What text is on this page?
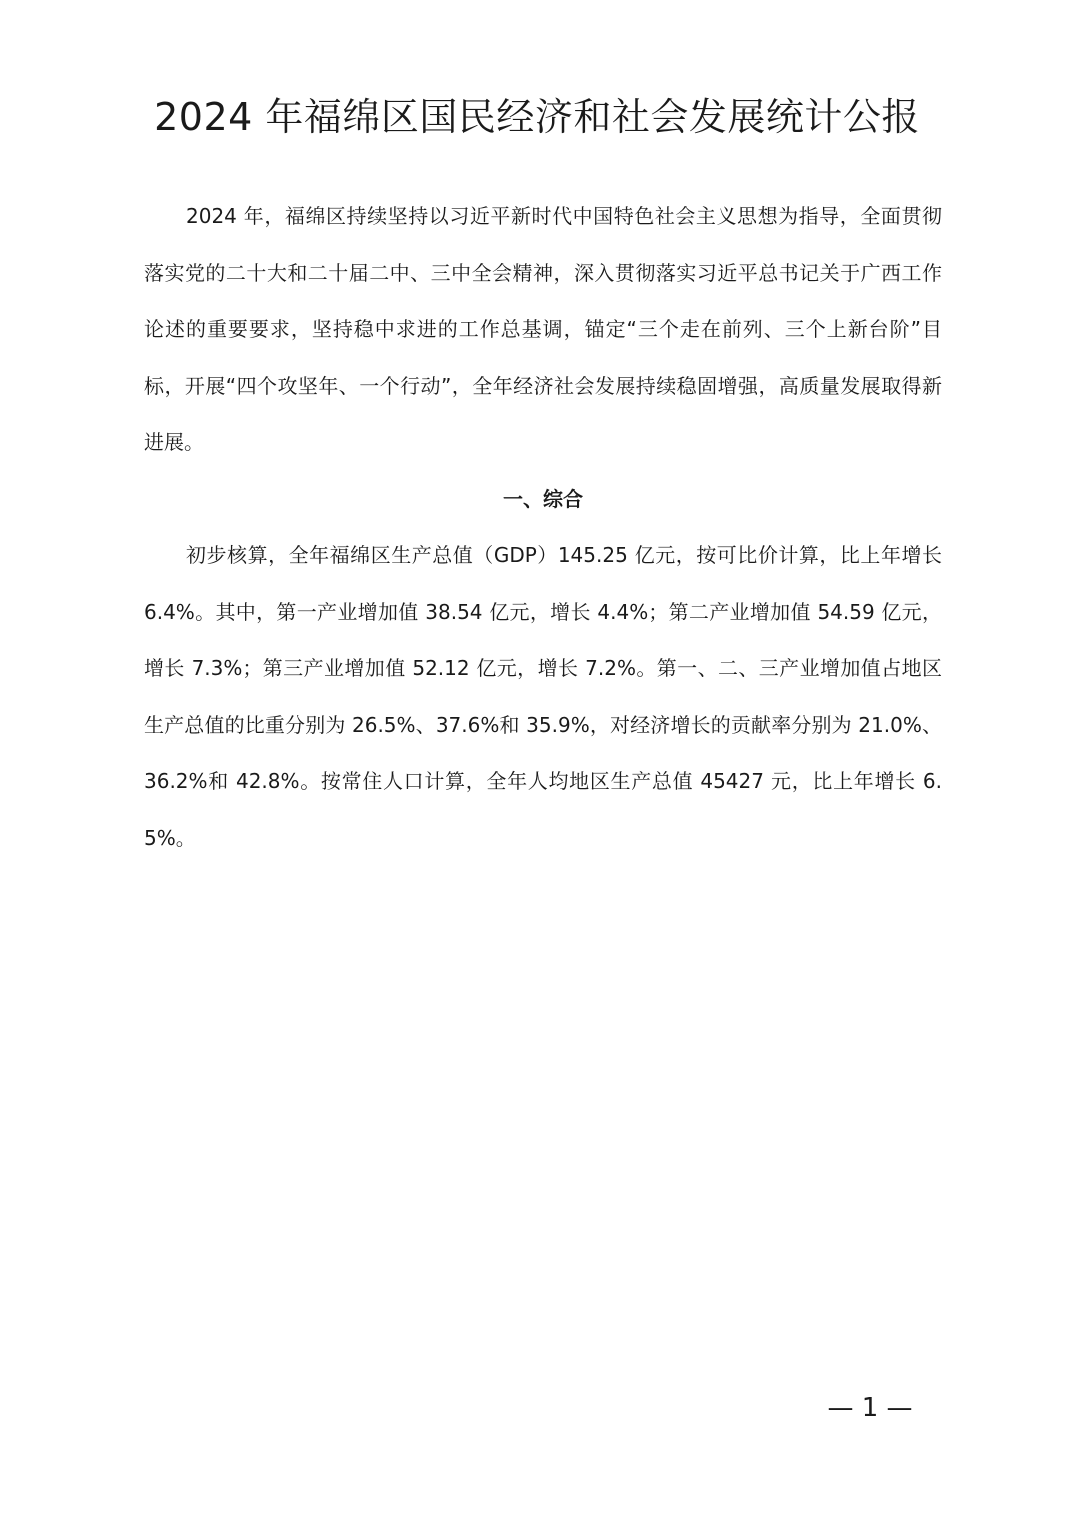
2024 年福绵区国民经济和社会发展统计公报

2024 年，福绵区持续坚持以习近平新时代中国特色社会主义思想为指导，全面贯彻落实党的二十大和二十届二中、三中全会精神，深入贯彻落实习近平总书记关于广西工作论述的重要要求，坚持稳中求进的工作总基调，锚定“三个走在前列、三个上新台阶”目标，开展“四个攻坚年、一个行动”，全年经济社会发展持续稳固增强，高质量发展取得新进展。

一、综合

初步核算，全年福绵区生产总值（GDP）145.25 亿元，按可比价计算，比上年增长 6.4%。其中，第一产业增加值 38.54 亿元，增长 4.4%；第二产业增加值 54.59 亿元，增长 7.3%；第三产业增加值 52.12 亿元，增长 7.2%。第一、二、三产业增加值占地区生产总值的比重分别为 26.5%、37.6%和 35.9%，对经济增长的贡献率分别为 21.0%、36.2%和 42.8%。按常住人口计算，全年人均地区生产总值 45427 元，比上年增长 6.5%。

— 1 —
